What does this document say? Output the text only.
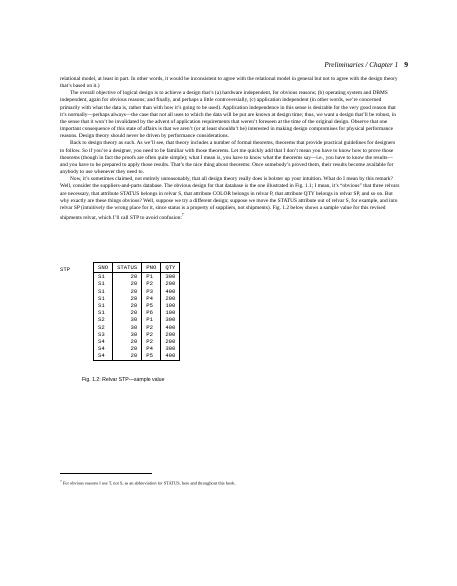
Preliminaries / Chapter 1 9

relational model, at least in part. In other words, it would be inconsistent to agree with the relational model in general but not to agree with the design theory that’s based on it.)

The overall objective of logical design is to achieve a design that’s (a) hardware independent, for obvious reasons; (b) operating system and DBMS independent, again for obvious reasons; and finally, and perhaps a little controversially, (c) application independent (in other words, we’re concerned primarily with what the data is, rather than with how it’s going to be used). Application independence in this sense is desirable for the very good reason that it’s normally—perhaps always—the case that not all uses to which the data will be put are known at design time; thus, we want a design that’ll be robust, in the sense that it won’t be invalidated by the advent of application requirements that weren’t foreseen at the time of the original design. Observe that one important consequence of this state of affairs is that we aren’t (or at least shouldn’t be) interested in making design compromises for physical performance reasons. Design theory should never be driven by performance considerations.

Back to design theory as such. As we’ll see, that theory includes a number of formal theorems, theorems that provide practical guidelines for designers to follow. So if you’re a designer, you need to be familiar with those theorems. Let me quickly add that I don’t mean you have to know how to prove those theorems (though in fact the proofs are often quite simple); what I mean is, you have to know what the theorems say—i.e., you have to know the results—and you have to be prepared to apply those results. That’s the nice thing about theorems: Once somebody’s proved them, their results become available for anybody to use whenever they need to.

Now, it’s sometimes claimed, not entirely unreasonably, that all design theory really does is bolster up your intuition. What do I mean by this remark? Well, consider the suppliers-and-parts database. The obvious design for that database is the one illustrated in Fig. 1.1; I mean, it’s “obvious” that three relvars are necessary, that attribute STATUS belongs in relvar S, that attribute COLOR belongs in relvar P, that attribute QTY belongs in relvar SP, and so on. But why exactly are these things obvious? Well, suppose we try a different design; suppose we move the STATUS attribute out of relvar S, for example, and into relvar SP (intuitively the wrong place for it, since status is a property of suppliers, not shipments). Fig. 1.2 below shows a sample value for this revised shipments relvar, which I’ll call STP to avoid confusion:$^7$

STP	SNO	STATUS	PNO	QTY
S1	20	P1	300
S1	20	P2	200
S1	20	P3	400
S1	20	P4	200
S1	20	P5	100
S1	20	P6	100
S2	30	P1	300
S2	30	P2	400
S3	30	P2	200
S4	20	P2	200
S4	20	P4	300
S4	20	P5	400
Fig. 1.2: Relvar STP—sample value
$^7$ For obvious reasons I use T, not S, as an abbreviation for STATUS, here and throughout this book.
